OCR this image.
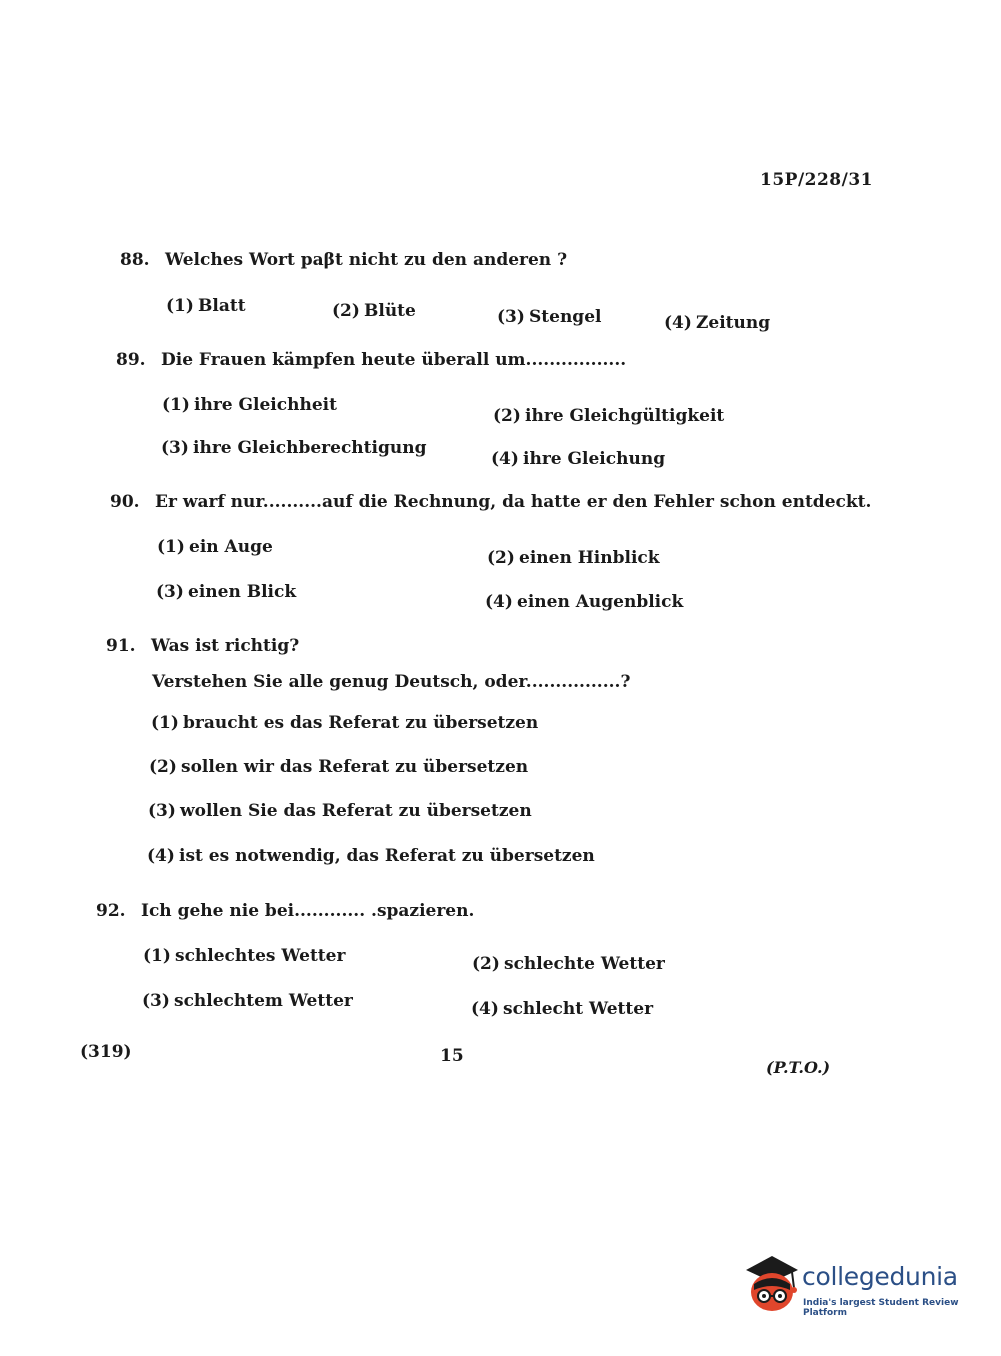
15P/228/31
88. Welches Wort paβt nicht zu den anderen ?
(1) Blatt	(2) Blüte	(3) Stengel	(4) Zeitung
89. Die Frauen kämpfen heute überall um.................
(1) ihre Gleichheit
(2) ihre Gleichgültigkeit
(3) ihre Gleichberechtigung
(4) ihre Gleichung
90. Er warf nur..........auf die Rechnung, da hatte er den Fehler schon entdeckt.
(1) ein Auge
(2) einen Hinblick
(3) einen Blick	(4) einen Augenblick
91. Was ist richtig?
Verstehen Sie alle genug Deutsch, oder................?
(1) braucht es das Referat zu übersetzen
(2) sollen wir das Referat zu übersetzen
(3) wollen Sie das Referat zu übersetzen
(4) ist es notwendig, das Referat zu übersetzen
92. Ich gehe nie bei............ .spazieren.
(1) schlechtes Wetter	(2) schlechte Wetter
(3) schlechtem Wetter	(4) schlecht Wetter
(319)	15
(P.T.O.)
collegedunia
India's largest Student Review Platform
